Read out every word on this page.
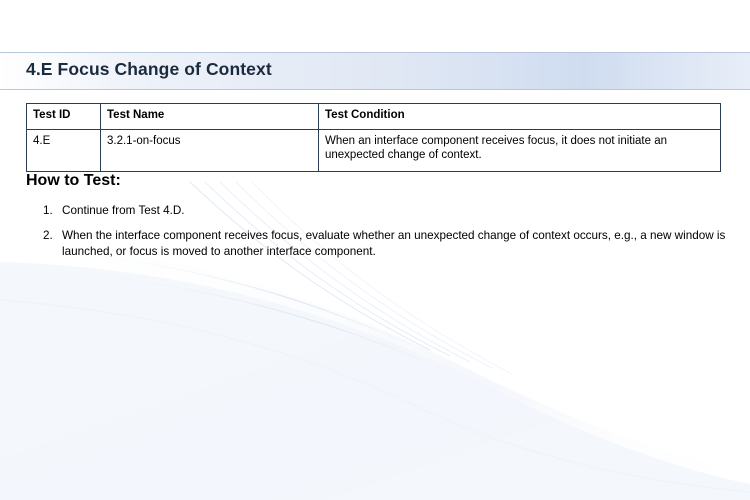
4.E Focus Change of Context
Test ID	Test Name	Test Condition
4.E	3.2.1-on-focus	When an interface component receives focus, it does not initiate an unexpected change of context.
How to Test:
1. Continue from Test 4.D.
2. When the interface component receives focus, evaluate whether an unexpected change of context occurs, e.g., a new window is launched, or focus is moved to another interface component.
